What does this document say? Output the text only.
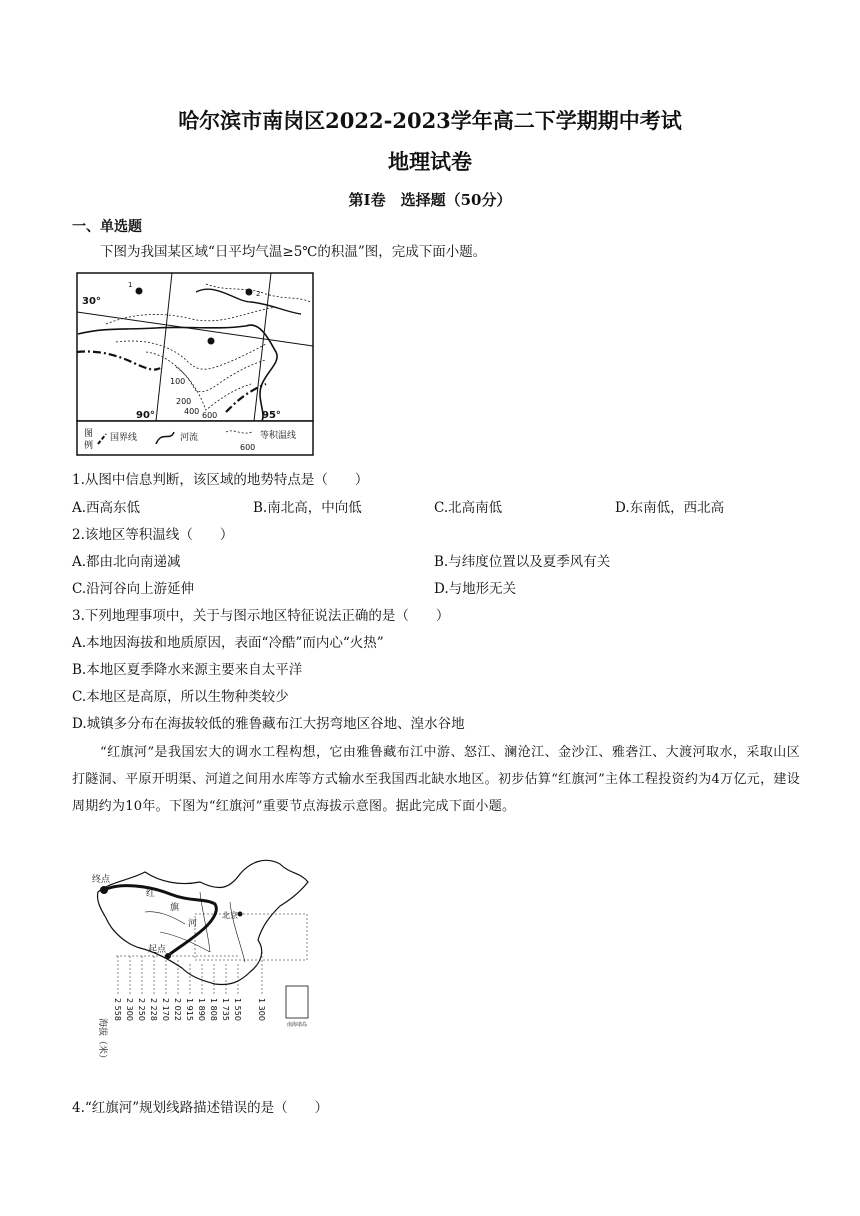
哈尔滨市南岗区2022-2023学年高二下学期期中考试
地理试卷
第Ⅰ卷　选择题（50分）
一、单选题
下图为我国某区域“日平均气温≥5℃的积温”图，完成下面小题。
1
2
30°
90°	95°
100
200
400 600
图
例
国界线	河流	等积温线
600
1.从图中信息判断，该区域的地势特点是（　　）
A.西高东低	B.南北高，中向低	C.北高南低	D.东南低，西北高
2.该地区等积温线（　　）
A.都由北向南递减	B.与纬度位置以及夏季风有关
C.沿河谷向上游延伸	D.与地形无关
3.下列地理事项中，关于与图示地区特征说法正确的是（　　）
A.本地因海拔和地质原因，表面“冷酷”而内心“火热”
B.本地区夏季降水来源主要来自太平洋
C.本地区是高原，所以生物种类较少
D.城镇多分布在海拔较低的雅鲁藏布江大拐弯地区谷地、湟水谷地
“红旗河”是我国宏大的调水工程构想，它由雅鲁藏布江中游、怒江、澜沧江、金沙江、雅砻江、大渡河取水，采取山区打隧洞、平原开明渠、河道之间用水库等方式输水至我国西北缺水地区。初步估算“红旗河”主体工程投资约为4万亿元，建设周期约为10年。下图为“红旗河”重要节点海拔示意图。据此完成下面小题。
终点
起点
北京
红
旗
河
南海诸岛
海拔（米）
2 558 2 300 2 250 2 228 2 170 2 022 1 915 1 890 1 808 1 735 1 550 1 300
4.“红旗河”规划线路描述错误的是（　　）
